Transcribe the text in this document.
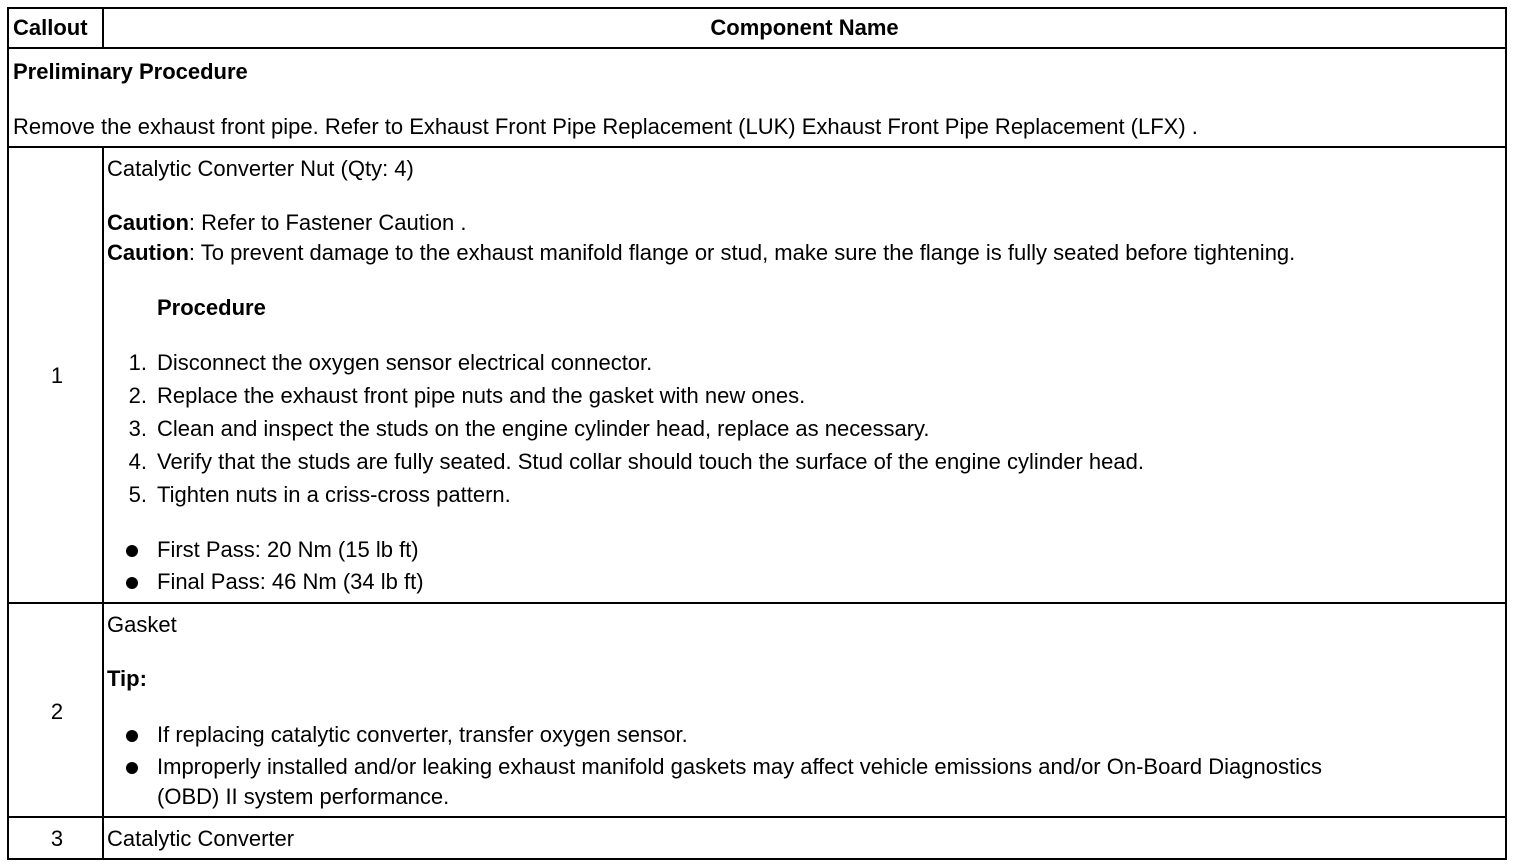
Callout	Component Name
Preliminary Procedure
Remove the exhaust front pipe. Refer to Exhaust Front Pipe Replacement (LUK) Exhaust Front Pipe Replacement (LFX) .
1
Catalytic Converter Nut (Qty: 4)
Caution: Refer to Fastener Caution .
Caution: To prevent damage to the exhaust manifold flange or stud, make sure the flange is fully seated before tightening.
Procedure
1. Disconnect the oxygen sensor electrical connector.
2. Replace the exhaust front pipe nuts and the gasket with new ones.
3. Clean and inspect the studs on the engine cylinder head, replace as necessary.
4. Verify that the studs are fully seated. Stud collar should touch the surface of the engine cylinder head.
5. Tighten nuts in a criss-cross pattern.
First Pass: 20 Nm (15 lb ft)
Final Pass: 46 Nm (34 lb ft)
2
Gasket
Tip:
If replacing catalytic converter, transfer oxygen sensor.
Improperly installed and/or leaking exhaust manifold gaskets may affect vehicle emissions and/or On-Board Diagnostics
(OBD) II system performance.
3	Catalytic Converter
